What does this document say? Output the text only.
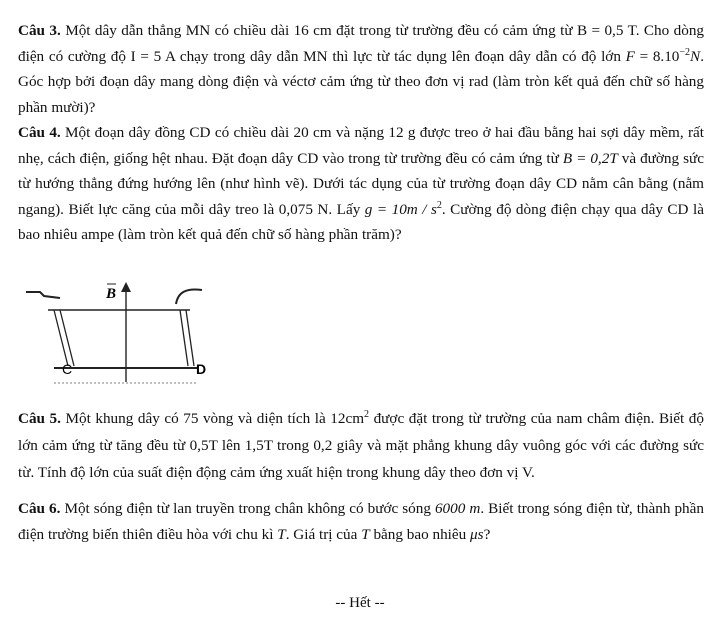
Câu 3. Một dây dẫn thẳng MN có chiều dài 16 cm đặt trong từ trường đều có cảm ứng từ B = 0,5 T. Cho dòng điện có cường độ I = 5 A chạy trong dây dẫn MN thì lực từ tác dụng lên đoạn dây dẫn có độ lớn $F = 8.10^{-2}N$. Góc hợp bởi đoạn dây mang dòng điện và véctơ cảm ứng từ theo đơn vị rad (làm tròn kết quả đến chữ số hàng phần mười)?
Câu 4. Một đoạn dây đồng CD có chiều dài 20 cm và nặng 12 g được treo ở hai đầu bằng hai sợi dây mềm, rất nhẹ, cách điện, giống hệt nhau. Đặt đoạn dây CD vào trong từ trường đều có cảm ứng từ B = 0,2T và đường sức từ hướng thẳng đứng hướng lên (như hình vẽ). Dưới tác dụng của từ trường đoạn dây CD nằm cân bằng (nằm ngang). Biết lực căng của mỗi dây treo là 0,075 N. Lấy $g = 10m / s^2$. Cường độ dòng điện chạy qua dây CD là bao nhiêu ampe (làm tròn kết quả đến chữ số hàng phần trăm)?
B
C	D
Câu 5. Một khung dây có 75 vòng và diện tích là $12cm^2$ được đặt trong từ trường của nam châm điện. Biết độ lớn cảm ứng từ tăng đều từ 0,5T lên 1,5T trong 0,2 giây và mặt phẳng khung dây vuông góc với các đường sức từ. Tính độ lớn của suất điện động cảm ứng xuất hiện trong khung dây theo đơn vị V.
Câu 6. Một sóng điện từ lan truyền trong chân không có bước sóng 6000 m. Biết trong sóng điện từ, thành phần điện trường biến thiên điều hòa với chu kì T. Giá trị của T bằng bao nhiêu μs?
-- Hết --
